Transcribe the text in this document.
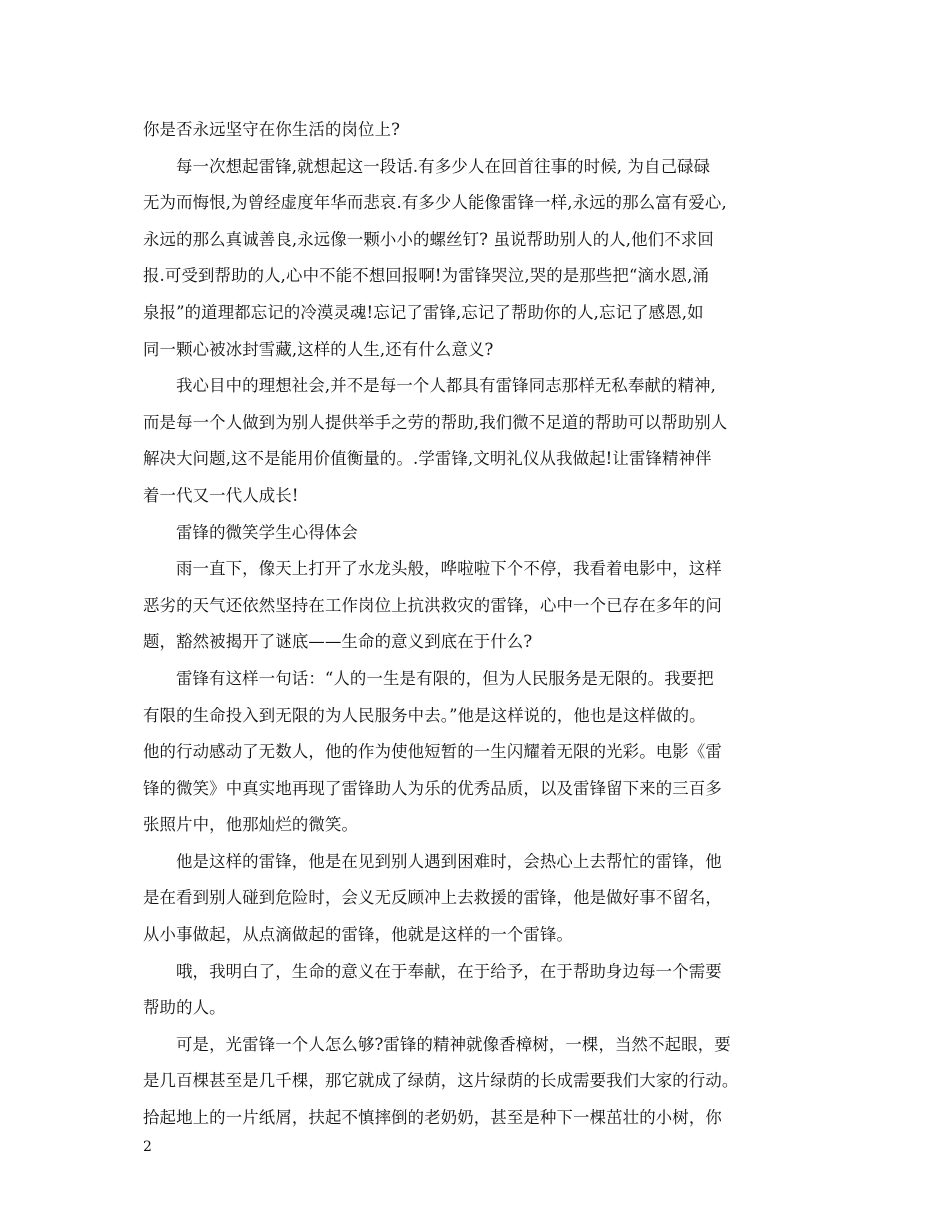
你是否永远坚守在你生活的岗位上?
每一次想起雷锋,就想起这一段话.有多少人在回首往事的时候, 为自己碌碌
无为而悔恨,为曾经虚度年华而悲哀.有多少人能像雷锋一样,永远的那么富有爱心,
永远的那么真诚善良,永远像一颗小小的螺丝钉? 虽说帮助别人的人,他们不求回
报.可受到帮助的人,心中不能不想回报啊!为雷锋哭泣,哭的是那些把“滴水恩,涌
泉报”的道理都忘记的冷漠灵魂!忘记了雷锋,忘记了帮助你的人,忘记了感恩,如
同一颗心被冰封雪藏,这样的人生,还有什么意义?
我心目中的理想社会,并不是每一个人都具有雷锋同志那样无私奉献的精神,
而是每一个人做到为别人提供举手之劳的帮助,我们微不足道的帮助可以帮助别人
解决大问题,这不是能用价值衡量的。.学雷锋,文明礼仪从我做起!让雷锋精神伴
着一代又一代人成长!
雷锋的微笑学生心得体会
雨一直下，像天上打开了水龙头般，哗啦啦下个不停，我看着电影中，这样
恶劣的天气还依然坚持在工作岗位上抗洪救灾的雷锋，心中一个已存在多年的问
题，豁然被揭开了谜底——生命的意义到底在于什么?
雷锋有这样一句话：“人的一生是有限的，但为人民服务是无限的。我要把
有限的生命投入到无限的为人民服务中去。”他是这样说的，他也是这样做的。
他的行动感动了无数人，他的作为使他短暂的一生闪耀着无限的光彩。电影《雷
锋的微笑》中真实地再现了雷锋助人为乐的优秀品质，以及雷锋留下来的三百多
张照片中，他那灿烂的微笑。
他是这样的雷锋，他是在见到别人遇到困难时，会热心上去帮忙的雷锋，他
是在看到别人碰到危险时，会义无反顾冲上去救援的雷锋，他是做好事不留名，
从小事做起，从点滴做起的雷锋，他就是这样的一个雷锋。
哦，我明白了，生命的意义在于奉献，在于给予，在于帮助身边每一个需要
帮助的人。
可是，光雷锋一个人怎么够?雷锋的精神就像香樟树，一棵，当然不起眼，要
是几百棵甚至是几千棵，那它就成了绿荫，这片绿荫的长成需要我们大家的行动。
拾起地上的一片纸屑，扶起不慎摔倒的老奶奶，甚至是种下一棵茁壮的小树，你
2
